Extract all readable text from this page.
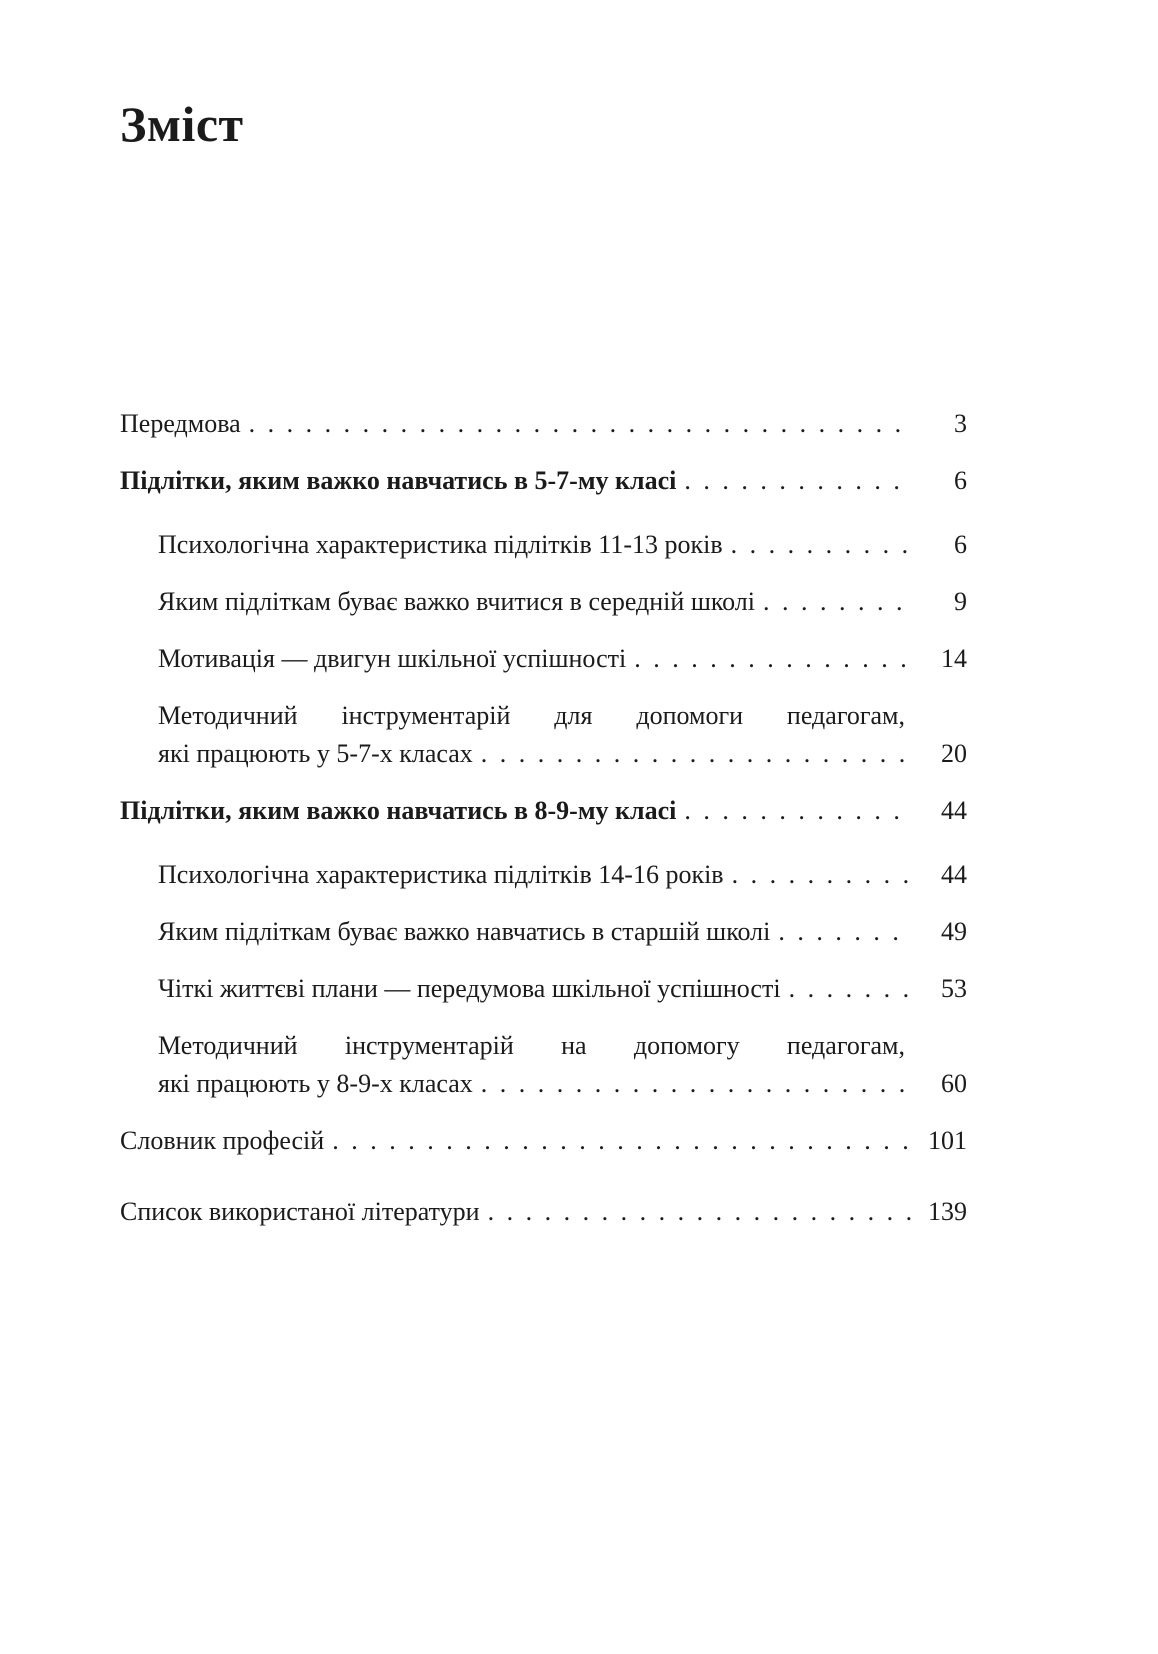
Зміст
Передмова . . .	3
Підлітки, яким важко навчатись в 5-7-му класі . . .	6
Психологічна характеристика підлітків 11-13 років . . .	6
Яким підліткам буває важко вчитися в середній школі . . .	9
Мотивація — двигун шкільної успішності . . .	14
Методичний інструментарій для допомоги педагогам,
які працюють у 5-7-х класах . . .	20
Підлітки, яким важко навчатись в 8-9-му класі . . .	44
Психологічна характеристика підлітків 14-16 років . . .	44
Яким підліткам буває важко навчатись в старшій школі . . .	49
Чіткі життєві плани — передумова шкільної успішності . . .	53
Методичний інструментарій на допомогу педагогам,
які працюють у 8-9-х класах . . .	60
Словник професій . . .	101
Список використаної літератури . . .	139
